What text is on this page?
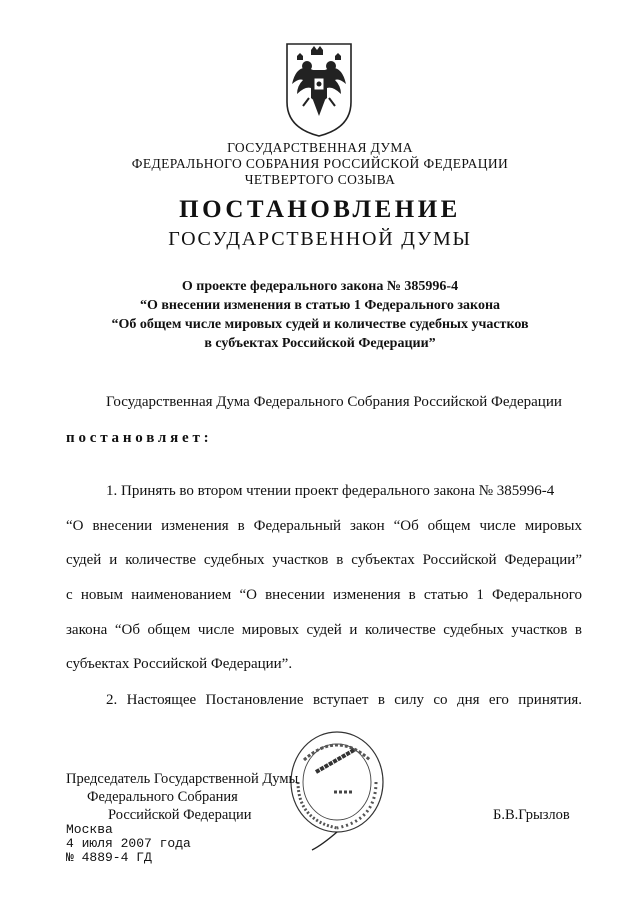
ГОСУДАРСТВЕННАЯ ДУМА
ФЕДЕРАЛЬНОГО СОБРАНИЯ РОССИЙСКОЙ ФЕДЕРАЦИИ
ЧЕТВЕРТОГО СОЗЫВА
ПОСТАНОВЛЕНИЕ
ГОСУДАРСТВЕННОЙ ДУМЫ
О проекте федерального закона № 385996-4
“О внесении изменения в статью 1 Федерального закона
“Об общем числе мировых судей и количестве судебных участков
в субъектах Российской Федерации”
Государственная Дума Федерального Собрания Российской Федерации
постановляет:
1. Принять во втором чтении проект федерального закона № 385996-4
“О внесении изменения в Федеральный закон “Об общем числе мировых
судей и количестве судебных участков в субъектах Российской Федерации”
с новым наименованием “О внесении изменения в статью 1 Федерального
закона “Об общем числе мировых судей и количестве судебных участков в
субъектах Российской Федерации”.
2. Настоящее Постановление вступает в силу со дня его принятия.
Председатель Государственной Думы
Федерального Собрания
Российской Федерации	Б.В.Грызлов
Москва
4 июля 2007 года
№ 4889-4 ГД
